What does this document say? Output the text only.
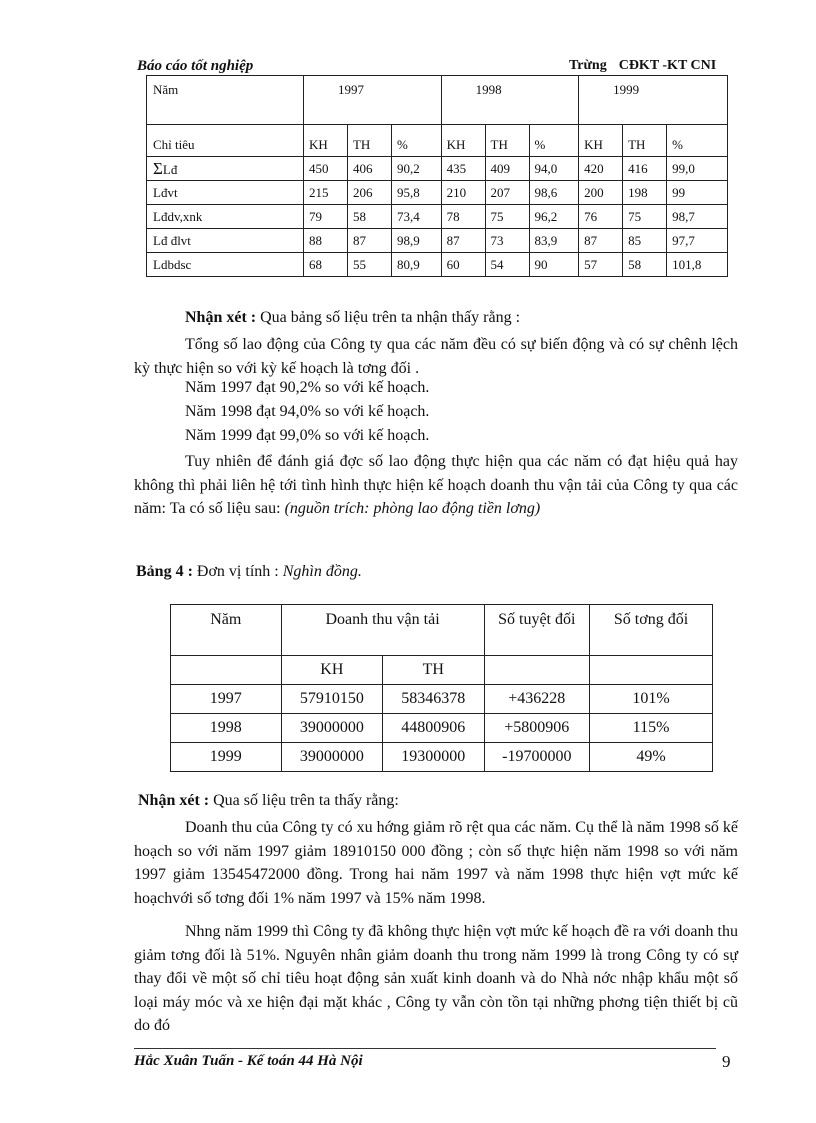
Báo cáo tốt nghiệp	Trừng CĐKT -KT CNI
Năm	1997			1998			1999		
Chỉ tiêu	KH	TH	%	KH	TH	%	KH	TH	%
ΣLđ	450	406	90,2	435	409	94,0	420	416	99,0
Lđvt	215	206	95,8	210	207	98,6	200	198	99
Lđdv,xnk	79	58	73,4	78	75	96,2	76	75	98,7
Lđ đlvt	88	87	98,9	87	73	83,9	87	85	97,7
Ldbdsc	68	55	80,9	60	54	90	57	58	101,8
Nhận xét : Qua bảng số liệu trên ta nhận thấy rằng :
Tổng số lao động của Công ty qua các năm đều có sự biến động và có sự chênh lệch kỳ thực hiện so với kỳ kế hoạch là tơng đối .
Năm 1997 đạt 90,2% so với kế hoạch.
Năm 1998 đạt 94,0% so với kế hoạch.
Năm 1999 đạt 99,0% so với kế hoạch.
Tuy nhiên để đánh giá đợc số lao động thực hiện qua các năm có đạt hiệu quả hay không thì phải liên hệ tới tình hình thực hiện kế hoạch doanh thu vận tải của Công ty qua các năm: Ta có số liệu sau: (nguồn trích: phòng lao động tiền lơng)
Bảng 4 : Đơn vị tính : Nghìn đồng.
Năm	Doanh thu vận tải		Số tuyệt đối	Số tơng đối
	KH	TH		
1997	57910150	58346378	+436228	101%
1998	39000000	44800906	+5800906	115%
1999	39000000	19300000	-19700000	49%
Nhận xét : Qua số liệu trên ta thấy rằng:
Doanh thu của Công ty có xu hớng giảm rõ rệt qua các năm. Cụ thể là năm 1998 số kế hoạch so với năm 1997 giảm 18910150 000 đồng ; còn số thực hiện năm 1998 so với năm 1997 giảm 13545472000 đồng. Trong hai năm 1997 và năm 1998 thực hiện vợt mức kế hoạchvới số tơng đối 1% năm 1997 và 15% năm 1998.
Nhng năm 1999 thì Công ty đã không thực hiện vợt mức kế hoạch đề ra với doanh thu giảm tơng đối là 51%. Nguyên nhân giảm doanh thu trong năm 1999 là trong Công ty có sự thay đổi về một số chỉ tiêu hoạt động sản xuất kinh doanh và do Nhà nớc nhập khẩu một số loại máy móc và xe hiện đại mặt khác , Công ty vẫn còn tồn tại những phơng tiện thiết bị cũ do đó
Hắc Xuân Tuấn - Kế toán 44 Hà Nội	9
